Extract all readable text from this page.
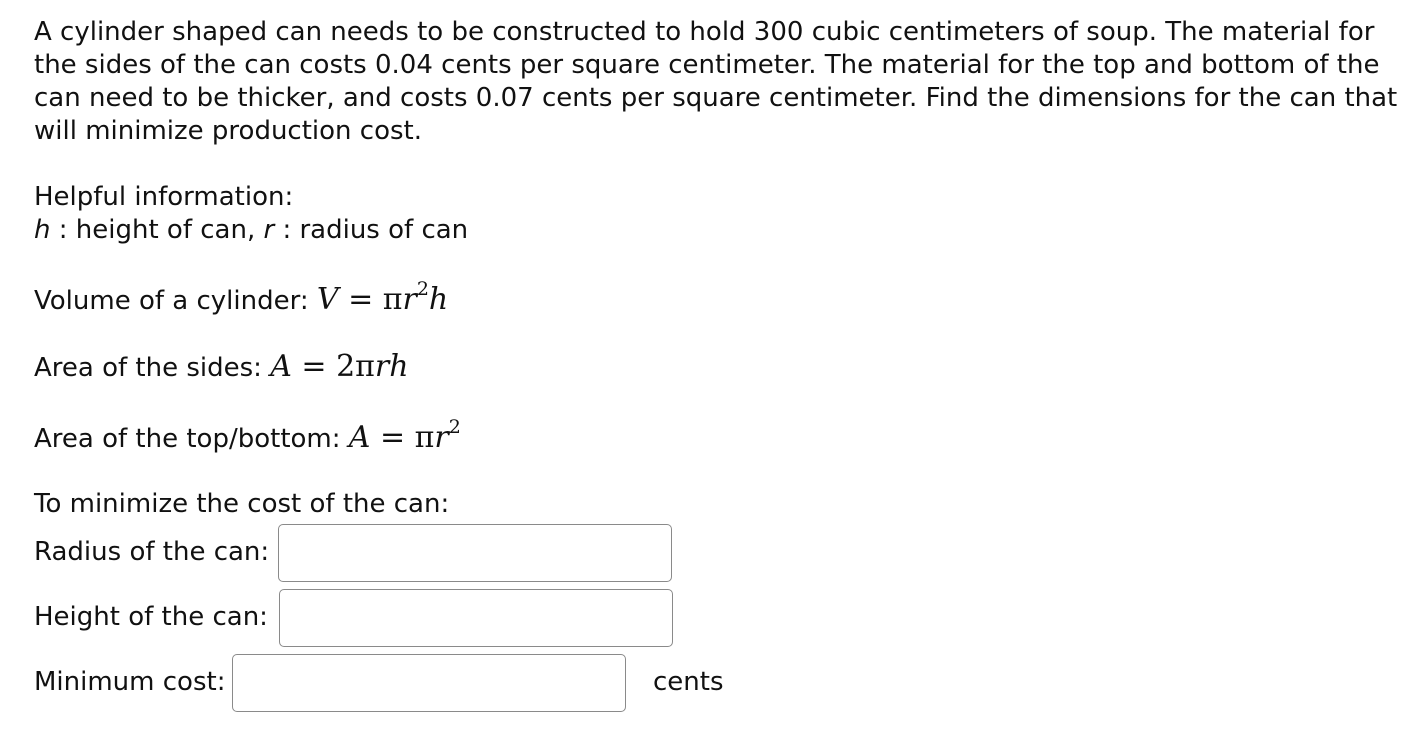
A cylinder shaped can needs to be constructed to hold 300 cubic centimeters of soup. The material for the sides of the can costs 0.04 cents per square centimeter. The material for the top and bottom of the can need to be thicker, and costs 0.07 cents per square centimeter. Find the dimensions for the can that will minimize production cost.
Helpful information:
h : height of can, r : radius of can
Volume of a cylinder: $V = \pi r^2h$
Area of the sides: A = 2πrh
Area of the top/bottom: $A = \pi r^2$
To minimize the cost of the can:
Radius of the can:
Height of the can:
Minimum cost:	cents
